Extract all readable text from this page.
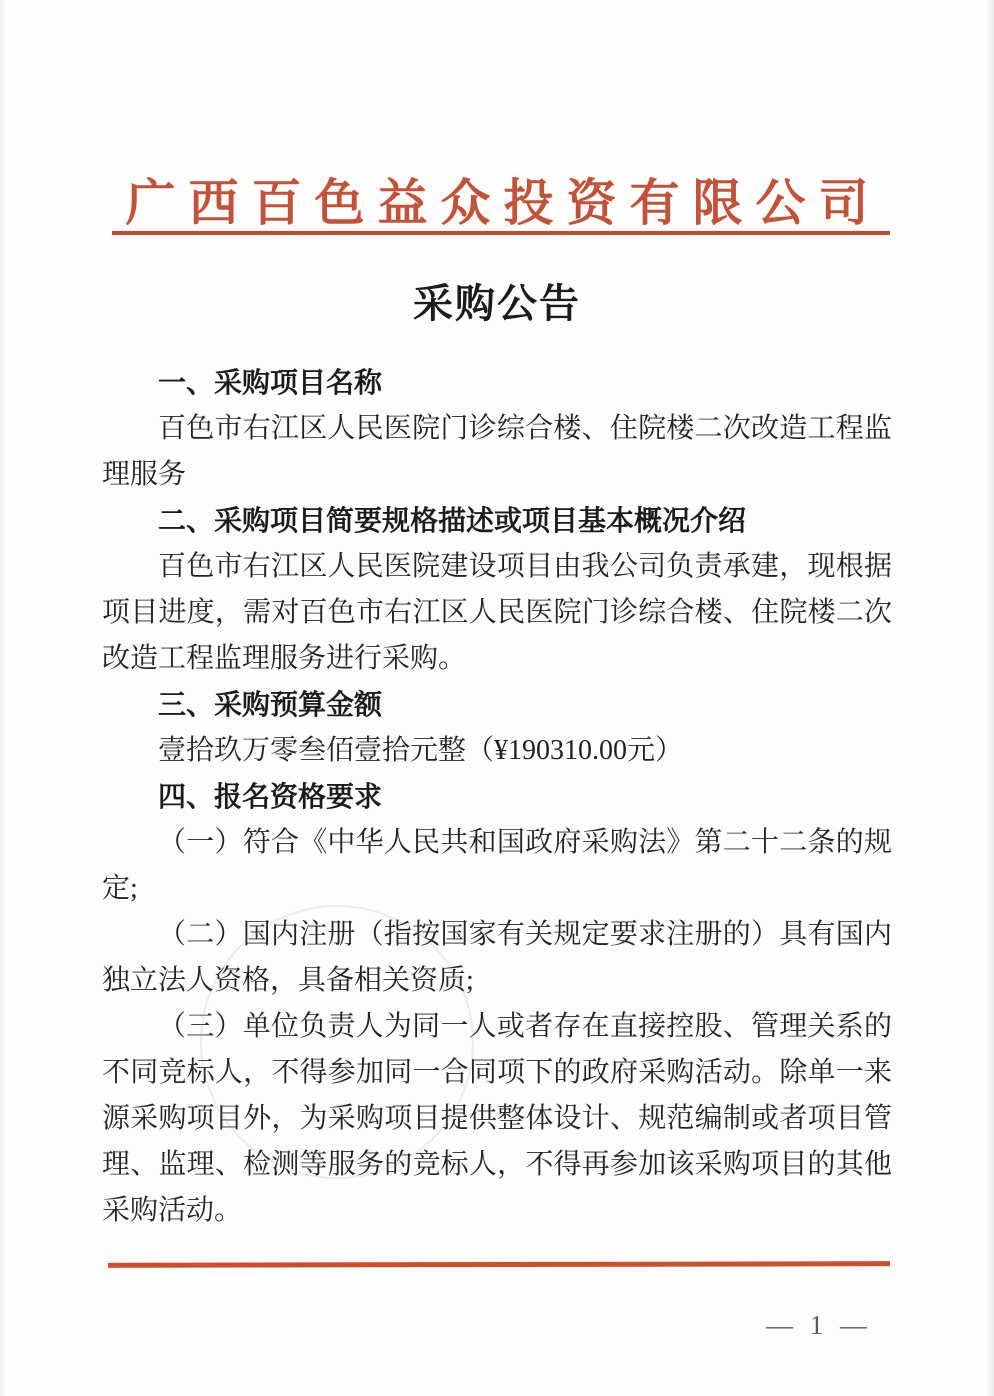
广西百色益众投资有限公司
采购公告

一、采购项目名称

百色市右江区人民医院门诊综合楼、住院楼二次改造工程监理服务

二、采购项目简要规格描述或项目基本概况介绍

百色市右江区人民医院建设项目由我公司负责承建，现根据项目进度，需对百色市右江区人民医院门诊综合楼、住院楼二次改造工程监理服务进行采购。

三、采购预算金额

壹拾玖万零叁佰壹拾元整（¥190310.00元）

四、报名资格要求

（一）符合《中华人民共和国政府采购法》第二十二条的规定;

（二）国内注册（指按国家有关规定要求注册的）具有国内独立法人资格，具备相关资质;

（三）单位负责人为同一人或者存在直接控股、管理关系的不同竞标人，不得参加同一合同项下的政府采购活动。除单一来源采购项目外，为采购项目提供整体设计、规范编制或者项目管理、监理、检测等服务的竞标人，不得再参加该采购项目的其他采购活动。

— 1 —
